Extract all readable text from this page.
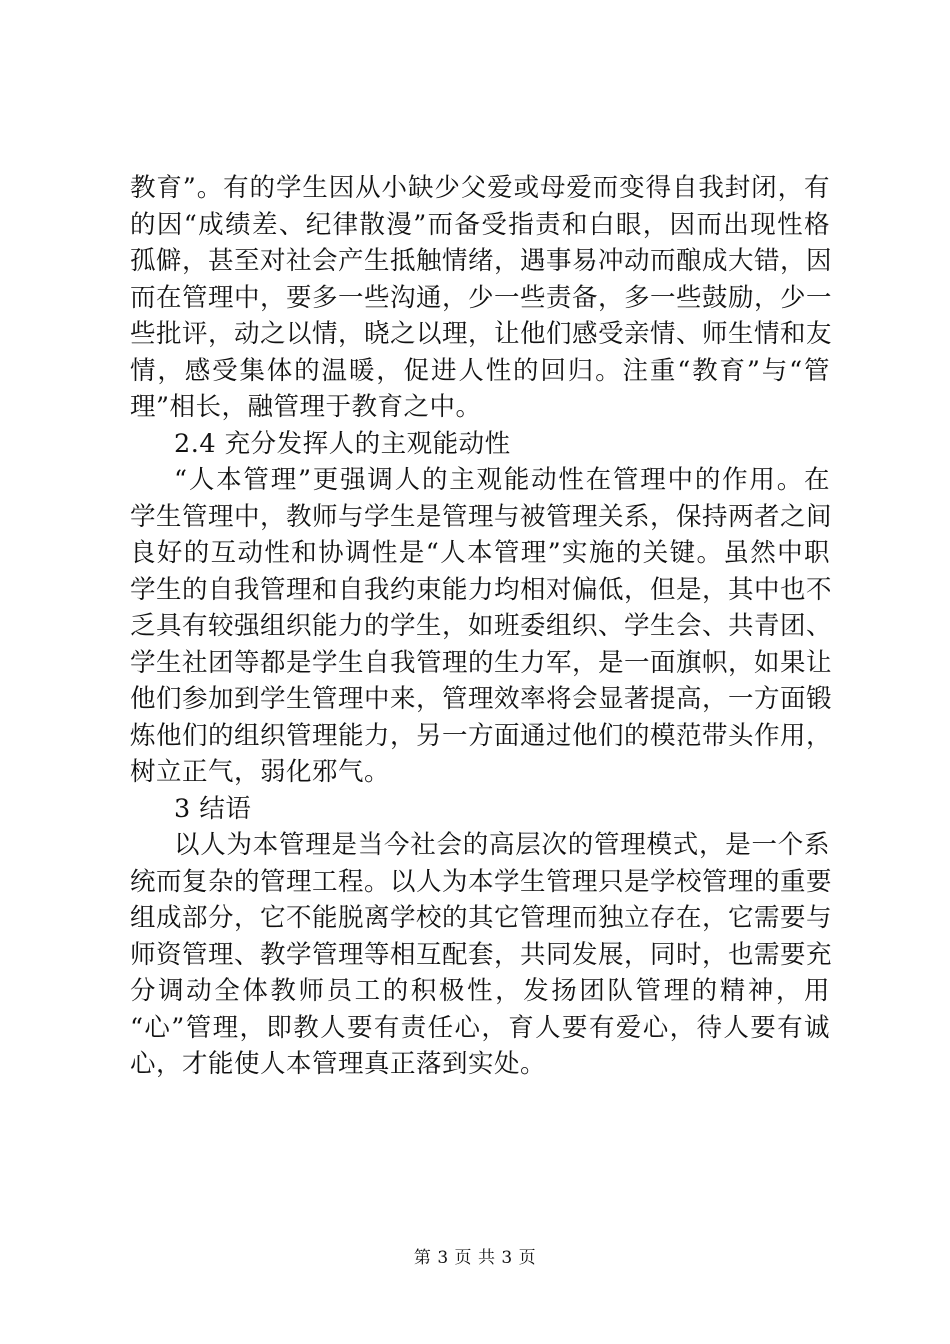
教育”。有的学生因从小缺少父爱或母爱而变得自我封闭，有
的因“成绩差、纪律散漫”而备受指责和白眼，因而出现性格
孤僻，甚至对社会产生抵触情绪，遇事易冲动而酿成大错，因
而在管理中，要多一些沟通，少一些责备，多一些鼓励，少一
些批评，动之以情，晓之以理，让他们感受亲情、师生情和友
情，感受集体的温暖，促进人性的回归。注重“教育”与“管
理”相长，融管理于教育之中。
2.4 充分发挥人的主观能动性
“人本管理”更强调人的主观能动性在管理中的作用。在
学生管理中，教师与学生是管理与被管理关系，保持两者之间
良好的互动性和协调性是“人本管理”实施的关键。虽然中职
学生的自我管理和自我约束能力均相对偏低，但是，其中也不
乏具有较强组织能力的学生，如班委组织、学生会、共青团、
学生社团等都是学生自我管理的生力军，是一面旗帜，如果让
他们参加到学生管理中来，管理效率将会显著提高，一方面锻
炼他们的组织管理能力，另一方面通过他们的模范带头作用，
树立正气，弱化邪气。
3 结语
以人为本管理是当今社会的高层次的管理模式，是一个系
统而复杂的管理工程。以人为本学生管理只是学校管理的重要
组成部分，它不能脱离学校的其它管理而独立存在，它需要与
师资管理、教学管理等相互配套，共同发展，同时，也需要充
分调动全体教师员工的积极性，发扬团队管理的精神，用
“心”管理，即教人要有责任心，育人要有爱心，待人要有诚
心，才能使人本管理真正落到实处。
第 3 页 共 3 页
